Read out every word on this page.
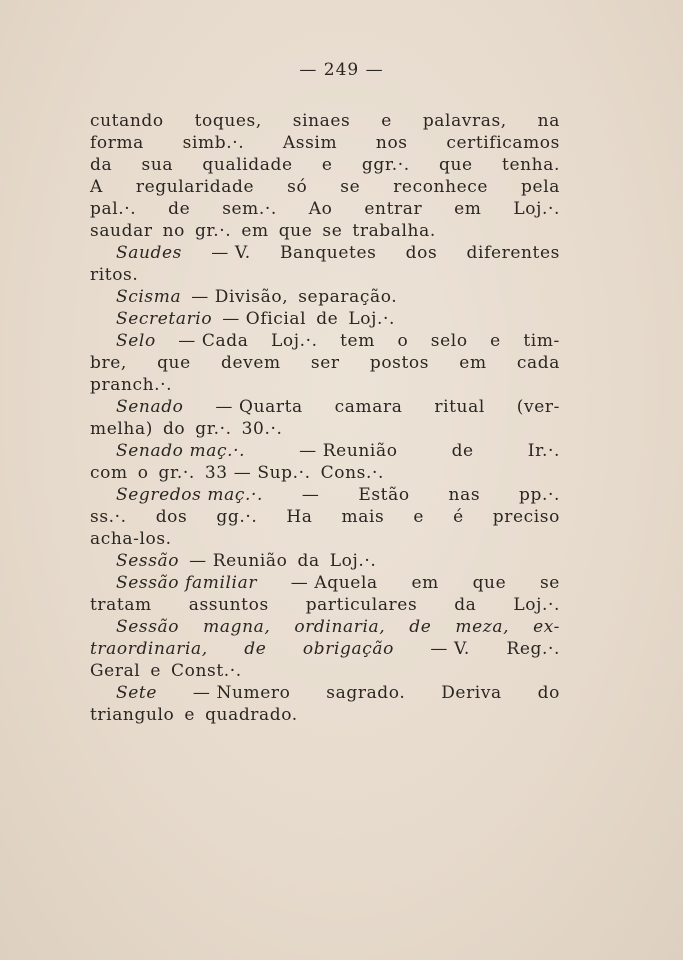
— 249 —
cutando toques, sinaes e palavras, na
forma simb.·. Assim nos certificamos
da sua qualidade e ggr.·. que tenha.
A regularidade só se reconhece pela
pal.·. de sem.·. Ao entrar em Loj.·.
saudar no gr.·. em que se trabalha.
Saudes — V. Banquetes dos diferentes
ritos.
Scisma — Divisão, separação.
Secretario — Oficial de Loj.·.
Selo — Cada Loj.·. tem o selo e tim-
bre, que devem ser postos em cada
pranch.·.
Senado — Quarta camara ritual (ver-
melha) do gr.·. 30.·.
Senado maç.·.	— Reunião	de	Ir.·.
com o gr.·. 33 — Sup.·. Cons.·.
Segredos maç.·. — Estão nas pp.·.
ss.·. dos gg.·. Ha mais e é preciso
acha-los.
Sessão — Reunião da Loj.·.
Sessão familiar — Aquela em que se
tratam assuntos particulares da Loj.·.
Sessão magna, ordinaria, de meza, ex-
traordinaria, de obrigação — V. Reg.·.
Geral e Const.·.
Sete — Numero sagrado. Deriva do
triangulo e quadrado.
